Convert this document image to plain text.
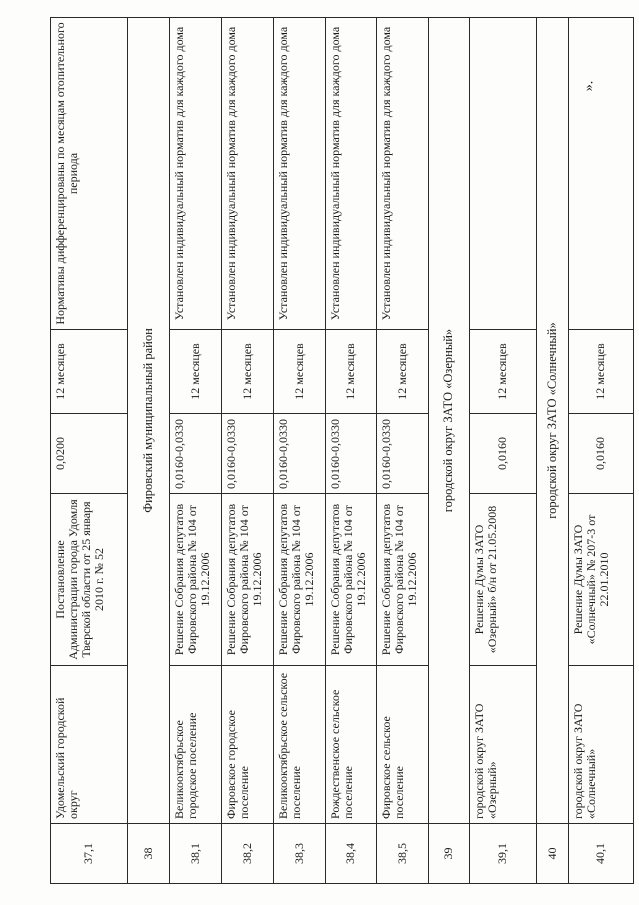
37,1	Удомельский городской округ	Постановление Администрации города Удомля Тверской области от 25 января 2010 г. № 52	0,0200	12 месяцев	Нормативы дифференцированы по месяцам отопительного периода
38	Фировский муниципальный район				
38,1	Великооктябрьское городское поселение	Решение Собрания депутатов Фировского района № 104 от 19.12.2006	0,0160-0,0330	12 месяцев	Установлен индивидуальный норматив для каждого дома
38,2	Фировское городское поселение	Решение Собрания депутатов Фировского района № 104 от 19.12.2006	0,0160-0,0330	12 месяцев	Установлен индивидуальный норматив для каждого дома
38,3	Великооктябрьское сельское поселение	Решение Собрания депутатов Фировского района № 104 от 19.12.2006	0,0160-0,0330	12 месяцев	Установлен индивидуальный норматив для каждого дома
38,4	Рождественское сельское поселение	Решение Собрания депутатов Фировского района № 104 от 19.12.2006	0,0160-0,0330	12 месяцев	Установлен индивидуальный норматив для каждого дома
38,5	Фировское сельское поселение	Решение Собрания депутатов Фировского района № 104 от 19.12.2006	0,0160-0,0330	12 месяцев	Установлен индивидуальный норматив для каждого дома
39	городской округ ЗАТО «Озерный»				
39,1	городской округ ЗАТО «Озерный»	Решение Думы ЗАТО «Озерный» б/н от 21.05.2008	0,0160	12 месяцев	
40	городской округ ЗАТО «Солнечный»				
40,1	городской округ ЗАТО «Солнечный»	Решение Думы ЗАТО «Солнечный» № 207-3 от 22.01.2010	0,0160	12 месяцев	
».
